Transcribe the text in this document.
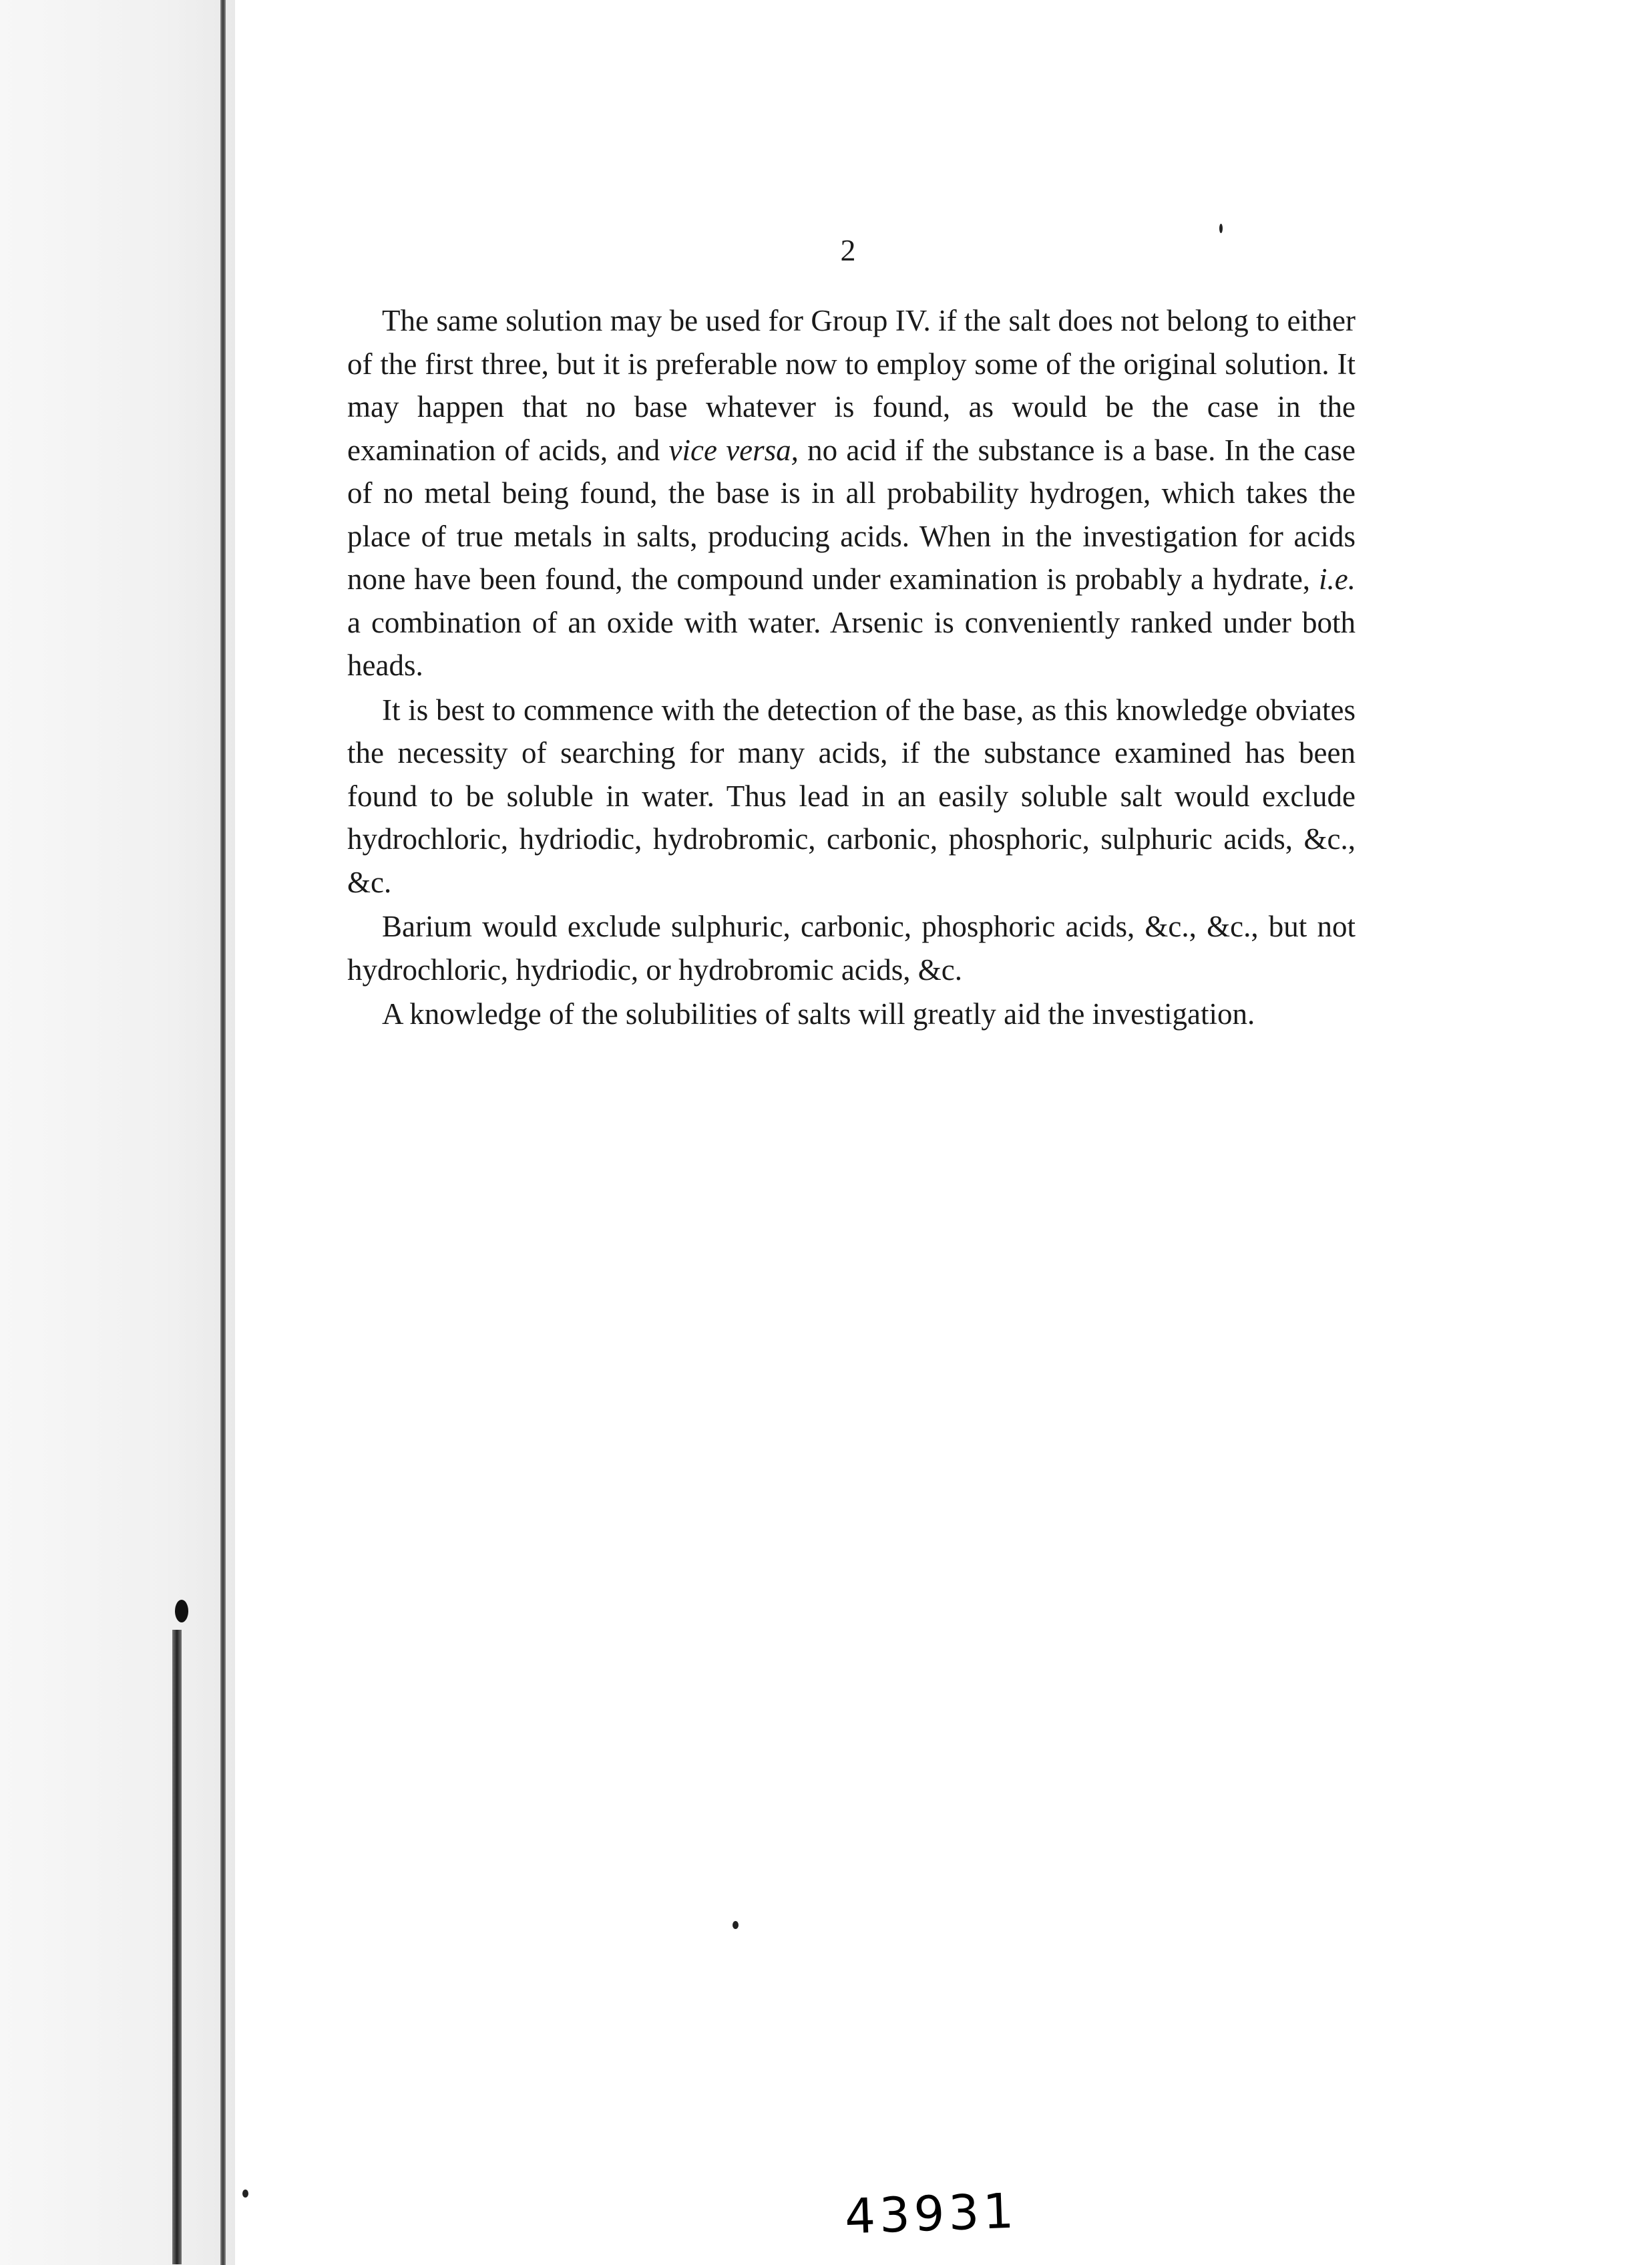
2

The same solution may be used for Group IV. if the salt does not belong to either of the first three, but it is preferable now to employ some of the original solution. It may happen that no base whatever is found, as would be the case in the examination of acids, and vice versa, no acid if the substance is a base. In the case of no metal being found, the base is in all probability hydrogen, which takes the place of true metals in salts, producing acids. When in the investigation for acids none have been found, the compound under examination is probably a hydrate, i.e. a combination of an oxide with water. Arsenic is conveniently ranked under both heads.

It is best to commence with the detection of the base, as this knowledge obviates the necessity of searching for many acids, if the substance examined has been found to be soluble in water. Thus lead in an easily soluble salt would exclude hydrochloric, hydriodic, hydrobromic, carbonic, phosphoric, sulphuric acids, &c., &c.

Barium would exclude sulphuric, carbonic, phosphoric acids, &c., &c., but not hydrochloric, hydriodic, or hydrobromic acids, &c.

A knowledge of the solubilities of salts will greatly aid the investigation.

43931
